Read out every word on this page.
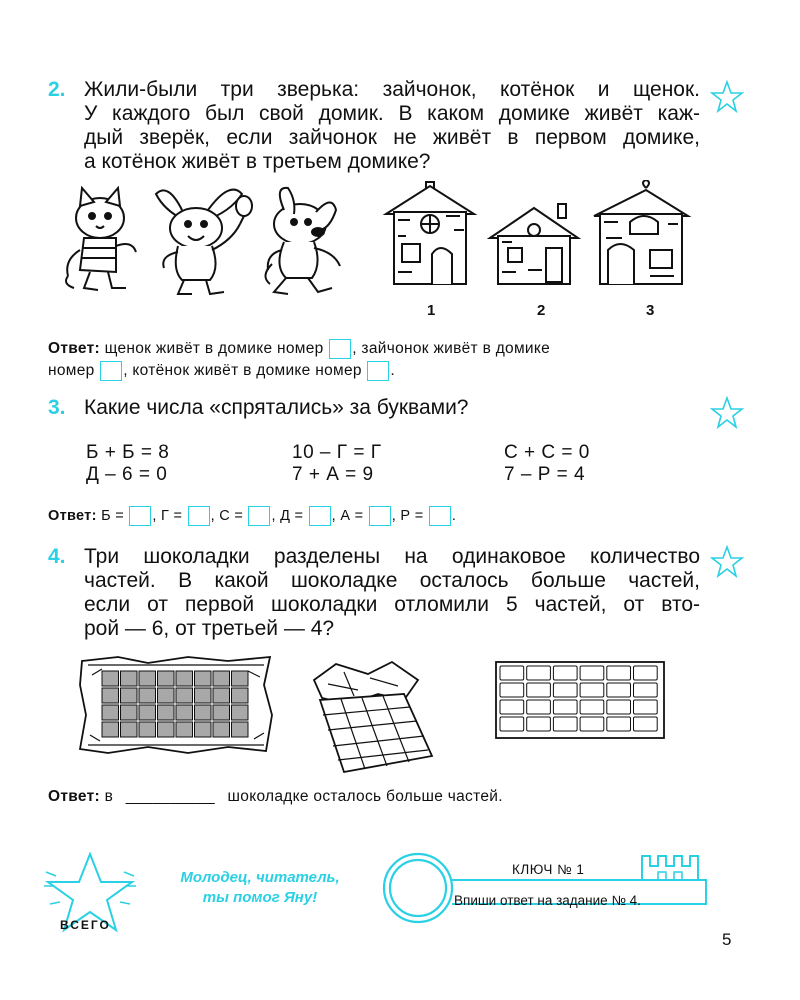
2. Жили-были три зверька: зайчонок, котёнок и щенок.
У каждого был свой домик. В каком домике живёт каж-
дый зверёк, если зайчонок не живёт в первом домике,
а котёнок живёт в третьем домике?
1	2	3
Ответ: щенок живёт в домике номер , зайчонок живёт в домике
номер , котёнок живёт в домике номер .
3. Какие числа «спрятались» за буквами?
Б + Б = 8
Д – 6 = 0
10 – Г = Г
7 + А = 9
С + С = 0
7 – Р = 4
Ответ: Б = , Г = , С = , Д = , А = , Р = .
4. Три шоколадки разделены на одинаковое количество
частей. В какой шоколадке осталось больше частей,
если от первой шоколадки отломили 5 частей, от вто-
рой — 6, от третьей — 4?
Ответ: в __________ шоколадке осталось больше частей.
ВСЕГО
Молодец, читатель,
ты помог Яну!
КЛЮЧ № 1
Впиши ответ на задание № 4.
5
